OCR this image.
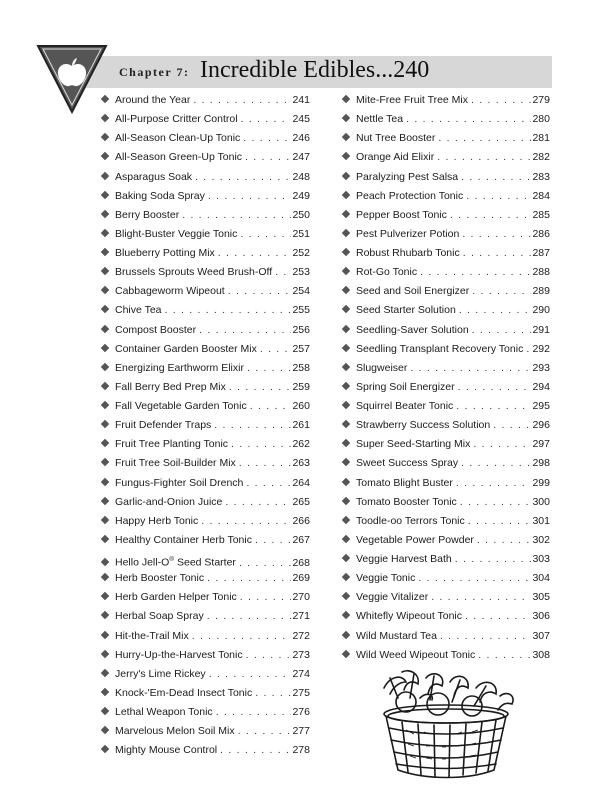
Chapter 7: Incredible Edibles...240
Around the Year . . .	241
All-Purpose Critter Control . . .	245
All-Season Clean-Up Tonic . . .	246
All-Season Green-Up Tonic . . .	247
Asparagus Soak . . .	248
Baking Soda Spray . . .	249
Berry Booster . . .	250
Blight-Buster Veggie Tonic . . .	251
Blueberry Potting Mix . . .	252
Brussels Sprouts Weed Brush-Off . . . 253
Cabbageworm Wipeout . . .	254
Chive Tea . . .	255
Compost Booster . . .	256
Container Garden Booster Mix . . .	257
Energizing Earthworm Elixir . . .	258
Fall Berry Bed Prep Mix . . .	259
Fall Vegetable Garden Tonic . . .	260
Fruit Defender Traps . . .	261
Fruit Tree Planting Tonic . . .	262
Fruit Tree Soil-Builder Mix . . .	263
Fungus-Fighter Soil Drench . . .	264
Garlic-and-Onion Juice . . .	265
Happy Herb Tonic . . .	266
Healthy Container Herb Tonic . . .	267
Hello Jell-O® Seed Starter . . .	268
Herb Booster Tonic . . .	269
Herb Garden Helper Tonic . . .	270
Herbal Soap Spray . . .	271
Hit-the-Trail Mix . . .	272
Hurry-Up-the-Harvest Tonic . . .	273
Jerry's Lime Rickey . . .	274
Knock-'Em-Dead Insect Tonic . . .	275
Lethal Weapon Tonic . . .	276
Marvelous Melon Soil Mix . . .	277
Mighty Mouse Control . . .	278
Mite-Free Fruit Tree Mix . . .	279
Nettle Tea . . .	280
Nut Tree Booster . . .	281
Orange Aid Elixir . . .	282
Paralyzing Pest Salsa . . .	283
Peach Protection Tonic . . .	284
Pepper Boost Tonic . . .	285
Pest Pulverizer Potion . . .	286
Robust Rhubarb Tonic . . .	287
Rot-Go Tonic . . .	288
Seed and Soil Energizer . . .	289
Seed Starter Solution . . .	290
Seedling-Saver Solution . . .	291
Seedling Transplant Recovery Tonic . . . 292
Slugweiser . . .	293
Spring Soil Energizer . . .	294
Squirrel Beater Tonic . . .	295
Strawberry Success Solution . . .	296
Super Seed-Starting Mix . . .	297
Sweet Success Spray . . .	298
Tomato Blight Buster . . .	299
Tomato Booster Tonic . . .	300
Toodle-oo Terrors Tonic . . .	301
Vegetable Power Powder . . .	302
Veggie Harvest Bath . . .	303
Veggie Tonic . . .	304
Veggie Vitalizer . . .	305
Whitefly Wipeout Tonic . . .	306
Wild Mustard Tea . . .	307
Wild Weed Wipeout Tonic . . .	308
